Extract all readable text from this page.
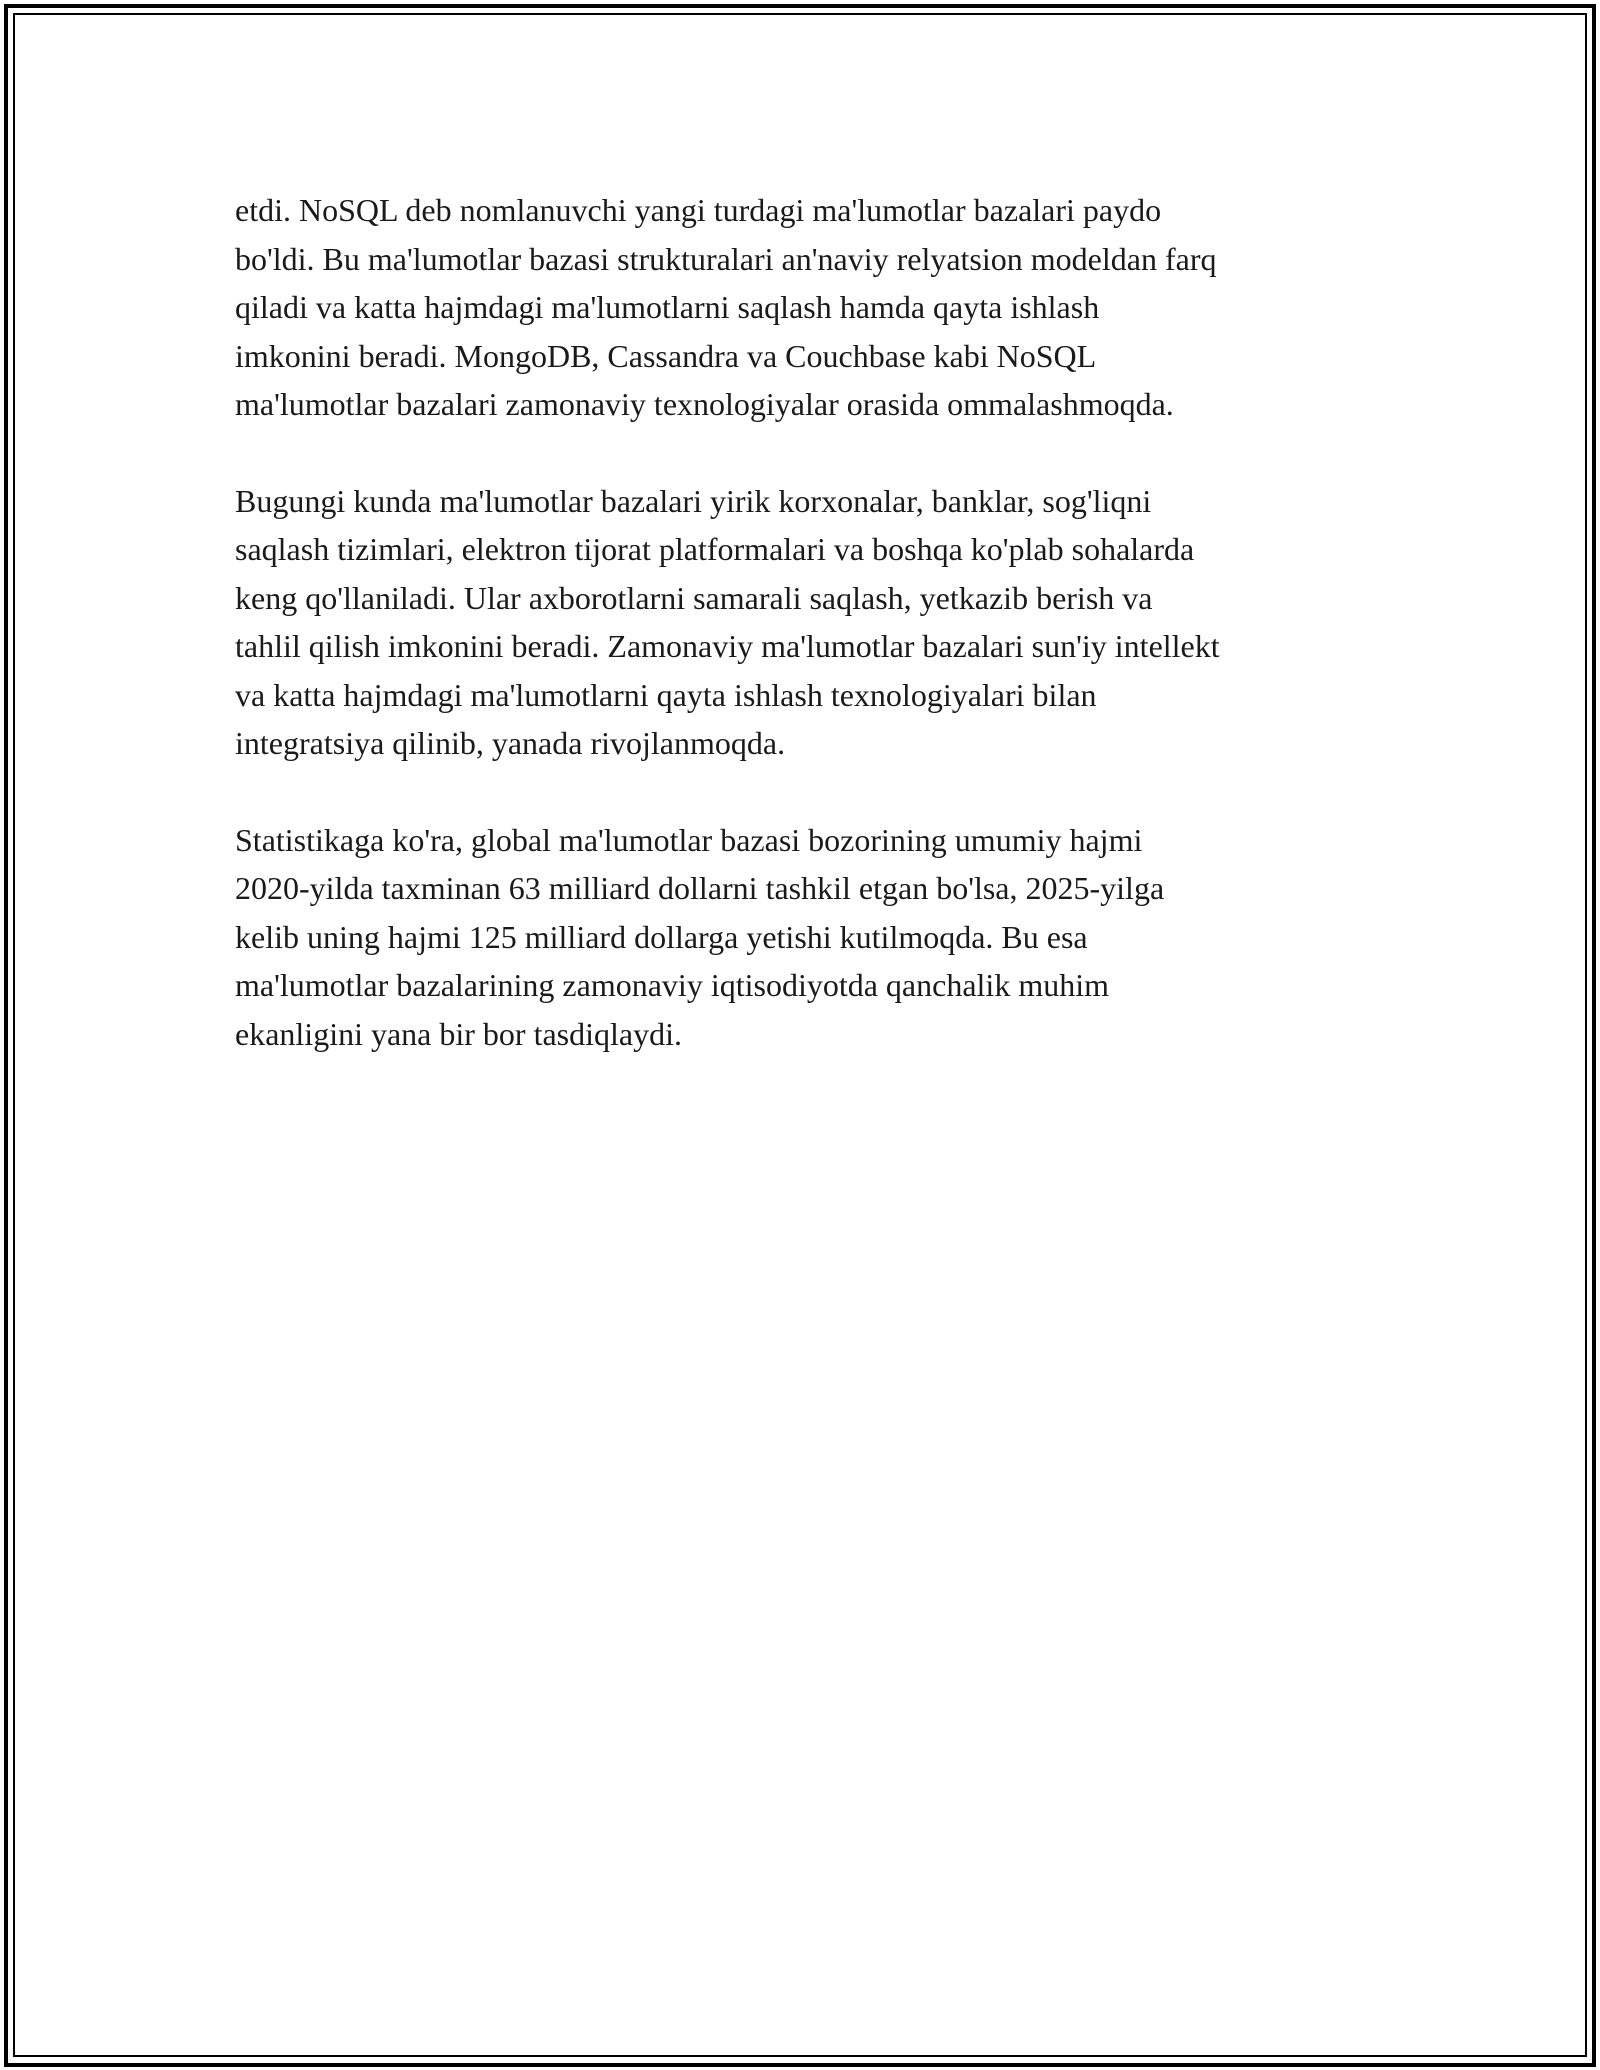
etdi. NoSQL deb nomlanuvchi yangi turdagi ma'lumotlar bazalari paydo
bo'ldi. Bu ma'lumotlar bazasi strukturalari an'naviy relyatsion modeldan farq
qiladi va katta hajmdagi ma'lumotlarni saqlash hamda qayta ishlash
imkonini beradi. MongoDB, Cassandra va Couchbase kabi NoSQL
ma'lumotlar bazalari zamonaviy texnologiyalar orasida ommalashmoqda.

Bugungi kunda ma'lumotlar bazalari yirik korxonalar, banklar, sog'liqni
saqlash tizimlari, elektron tijorat platformalari va boshqa ko'plab sohalarda
keng qo'llaniladi. Ular axborotlarni samarali saqlash, yetkazib berish va
tahlil qilish imkonini beradi. Zamonaviy ma'lumotlar bazalari sun'iy intellekt
va katta hajmdagi ma'lumotlarni qayta ishlash texnologiyalari bilan
integratsiya qilinib, yanada rivojlanmoqda.

Statistikaga ko'ra, global ma'lumotlar bazasi bozorining umumiy hajmi
2020-yilda taxminan 63 milliard dollarni tashkil etgan bo'lsa, 2025-yilga
kelib uning hajmi 125 milliard dollarga yetishi kutilmoqda. Bu esa
ma'lumotlar bazalarining zamonaviy iqtisodiyotda qanchalik muhim
ekanligini yana bir bor tasdiqlaydi.
